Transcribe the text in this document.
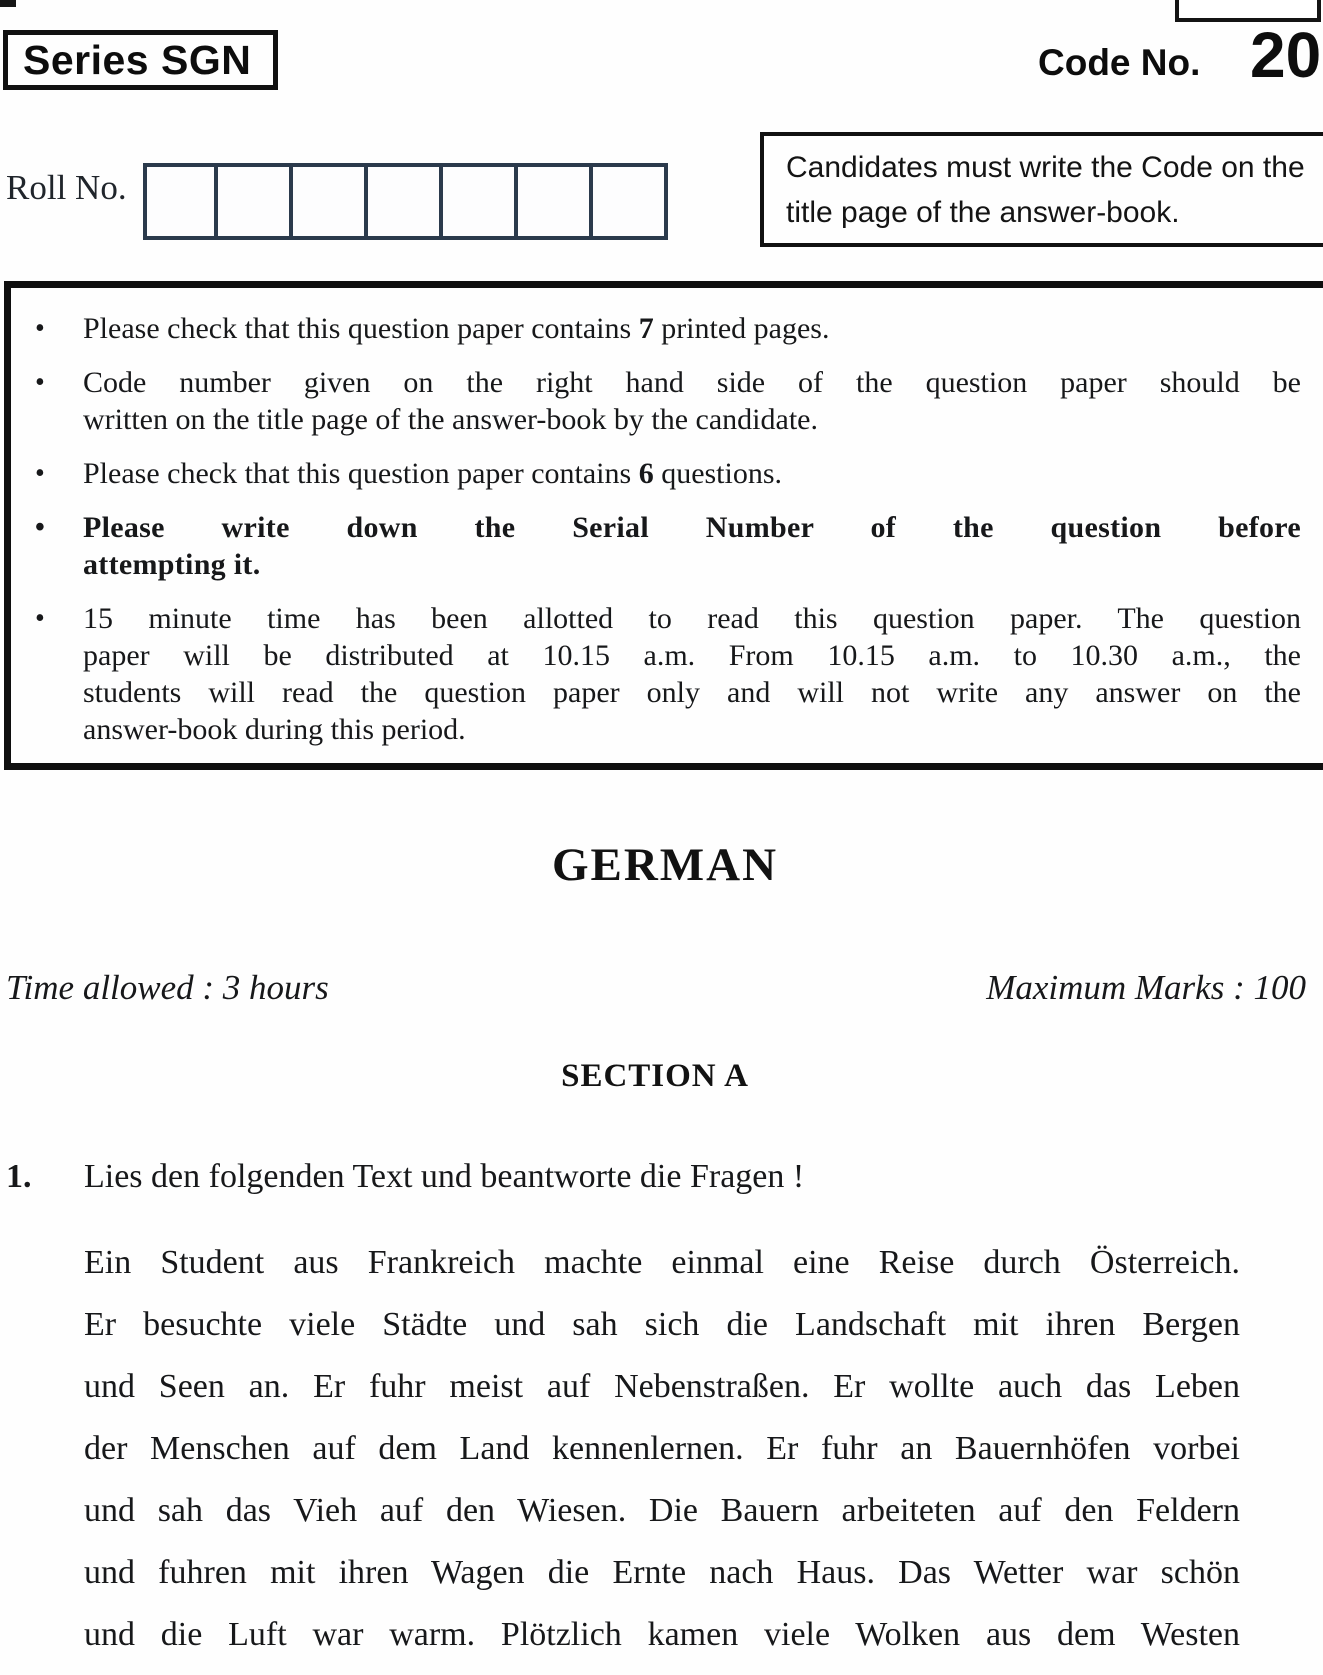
Series SGN	Code No. 20
Roll No.
Candidates must write the Code on the
title page of the answer-book.
•	Please check that this question paper contains 7 printed pages.
•	Code number given on the right hand side of the question paper should be
written on the title page of the answer-book by the candidate.
•	Please check that this question paper contains 6 questions.
•	Please write down the Serial Number of the question before
attempting it.
•	15 minute time has been allotted to read this question paper. The question
paper will be distributed at 10.15 a.m. From 10.15 a.m. to 10.30 a.m., the
students will read the question paper only and will not write any answer on the
answer-book during this period.
GERMAN
Time allowed : 3 hours	Maximum Marks : 100
SECTION A
1. Lies den folgenden Text und beantworte die Fragen !
Ein Student aus Frankreich machte einmal eine Reise durch Österreich.
Er besuchte viele Städte und sah sich die Landschaft mit ihren Bergen
und Seen an. Er fuhr meist auf Nebenstraßen. Er wollte auch das Leben
der Menschen auf dem Land kennenlernen. Er fuhr an Bauernhöfen vorbei
und sah das Vieh auf den Wiesen. Die Bauern arbeiteten auf den Feldern
und fuhren mit ihren Wagen die Ernte nach Haus. Das Wetter war schön
und die Luft war warm. Plötzlich kamen viele Wolken aus dem Westen
